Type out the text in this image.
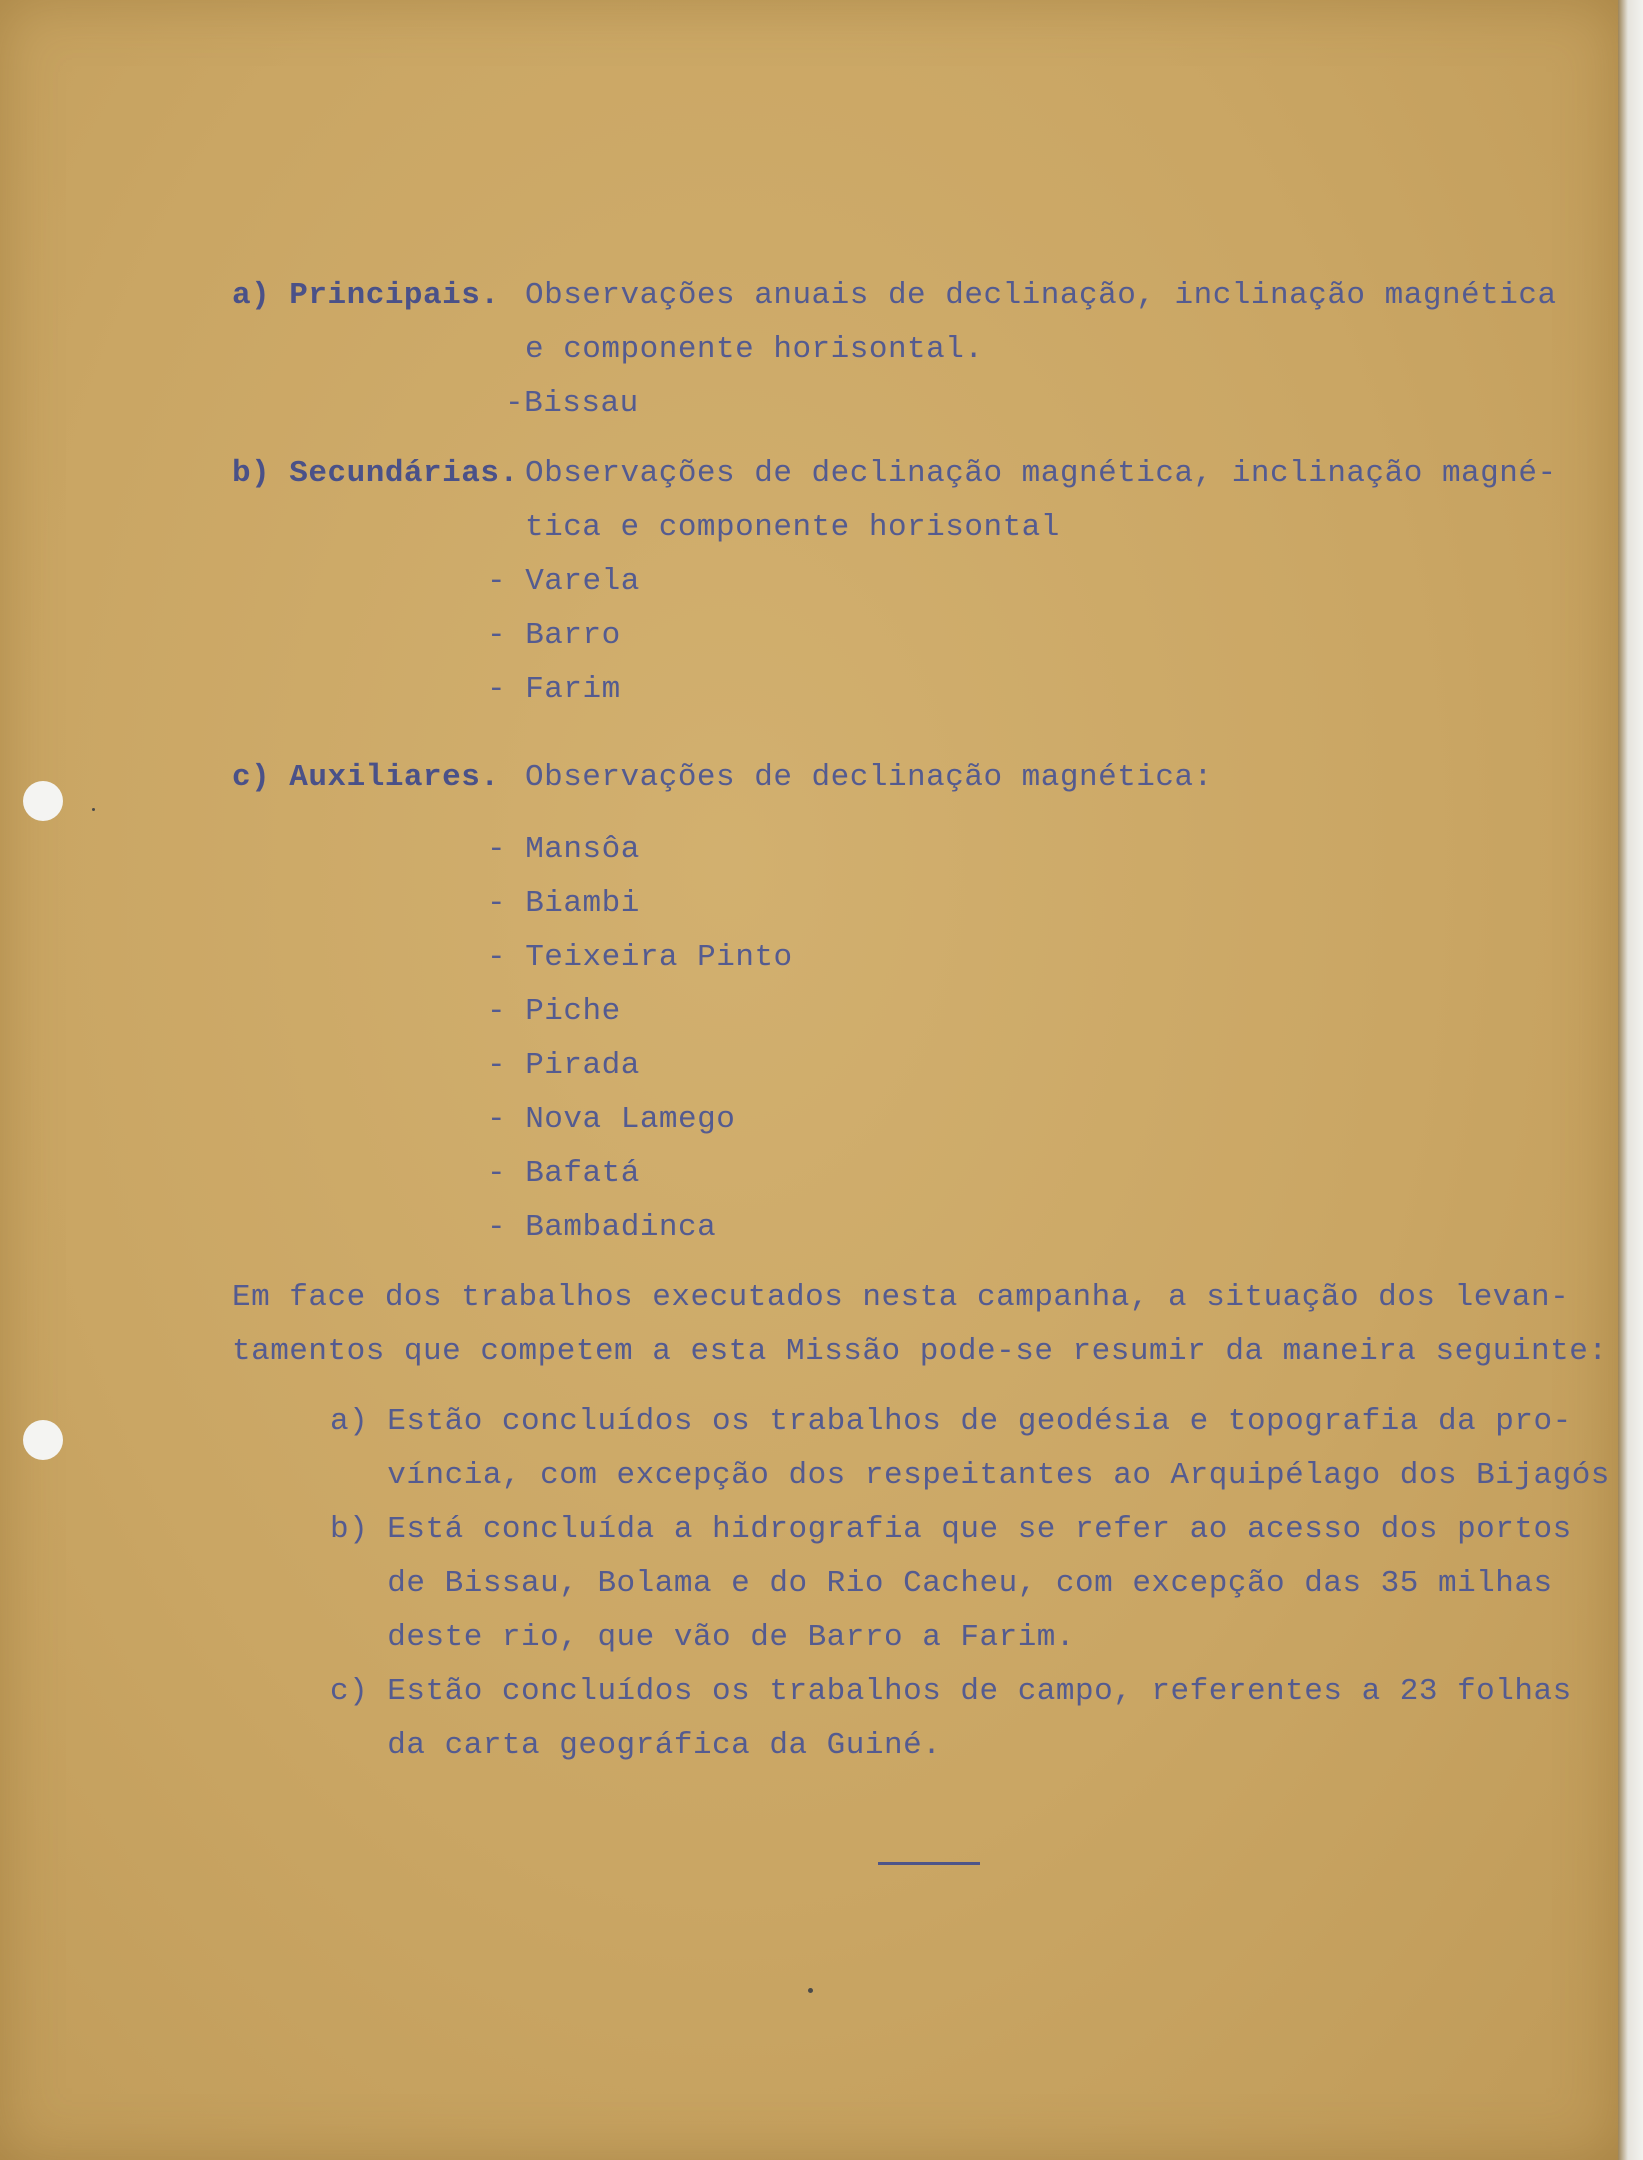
a) Principais. Observações anuais de declinação, inclinação magnética

e componente horisontal.

-Bissau

b) Secundárias. Observações de declinação magnética, inclinação magné-

tica e componente horisontal

- Varela

- Barro

- Farim

c) Auxiliares. Observações de declinação magnética:

- Mansôa

- Biambi

- Teixeira Pinto

- Piche

- Pirada

- Nova Lamego

- Bafatá

- Bambadinca

Em face dos trabalhos executados nesta campanha, a situação dos levan-

tamentos que competem a esta Missão pode-se resumir da maneira seguinte:

a) Estão concluídos os trabalhos de geodésia e topografia da pro-

víncia, com excepção dos respeitantes ao Arquipélago dos Bijagós

b) Está concluída a hidrografia que se refer ao acesso dos portos

de Bissau, Bolama e do Rio Cacheu, com excepção das 35 milhas

deste rio, que vão de Barro a Farim.

c) Estão concluídos os trabalhos de campo, referentes a 23 folhas

da carta geográfica da Guiné.
